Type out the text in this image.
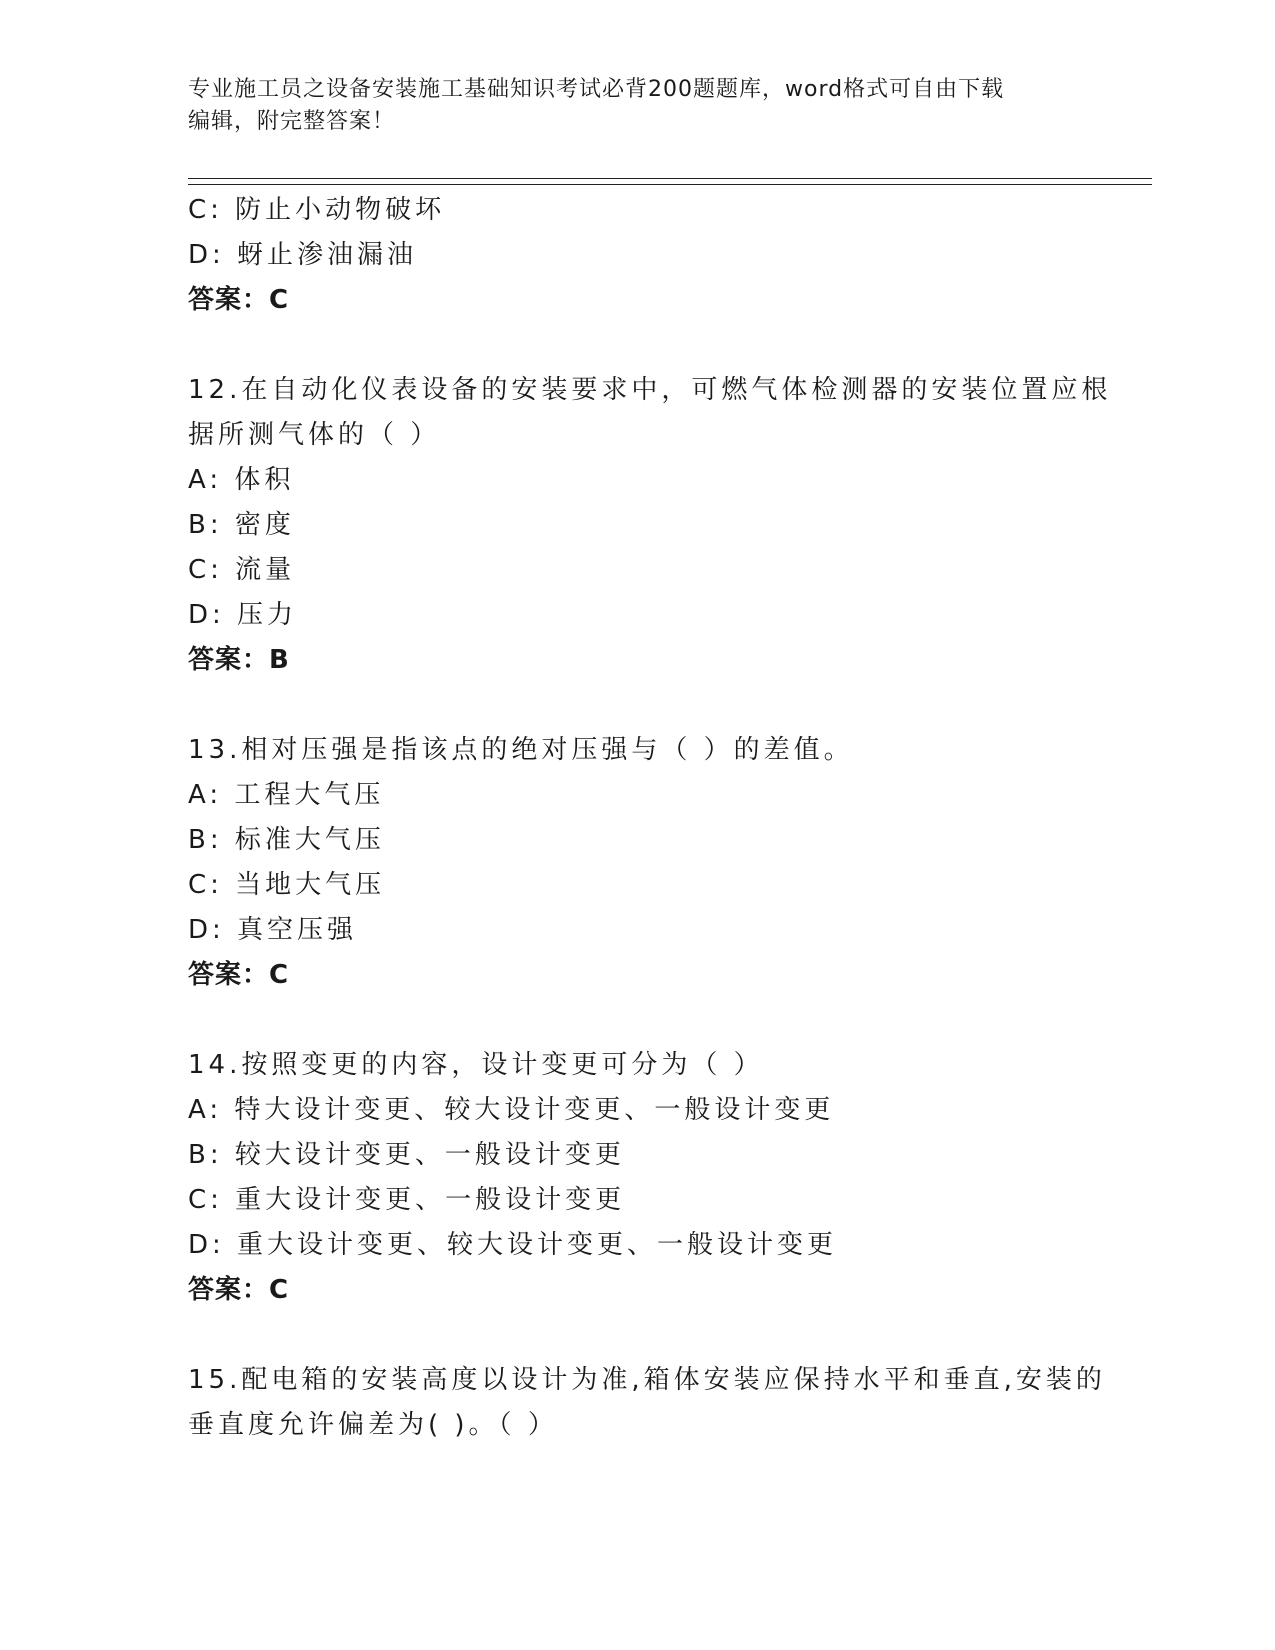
专业施工员之设备安装施工基础知识考试必背200题题库，word格式可自由下载
编辑，附完整答案！
C: 防止小动物破坏
D: 蚜止渗油漏油
答案：C
12.在自动化仪表设备的安装要求中，可燃气体检测器的安装位置应根
据所测气体的（ ）
A: 体积
B: 密度
C: 流量
D: 压力
答案：B
13.相对压强是指该点的绝对压强与（ ）的差值。
A: 工程大气压
B: 标准大气压
C: 当地大气压
D: 真空压强
答案：C
14.按照变更的内容，设计变更可分为（ ）
A: 特大设计变更、较大设计变更、一般设计变更
B: 较大设计变更、一般设计变更
C: 重大设计变更、一般设计变更
D: 重大设计变更、较大设计变更、一般设计变更
答案：C
15.配电箱的安装高度以设计为准,箱体安装应保持水平和垂直,安装的
垂直度允许偏差为( )。（ ）
